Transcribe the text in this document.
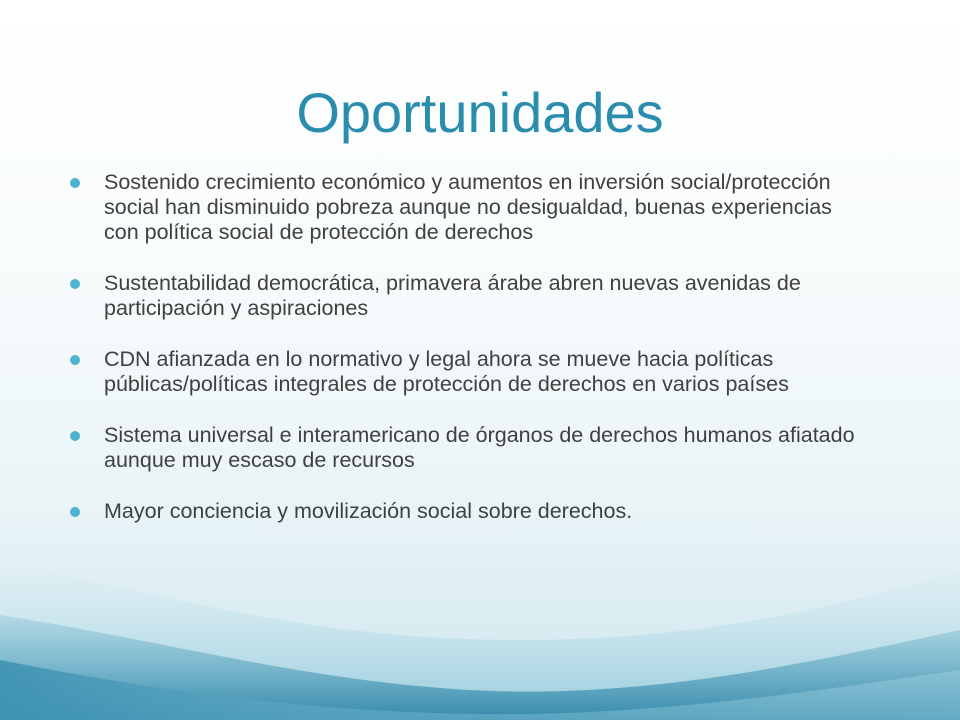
Oportunidades
Sostenido crecimiento económico y aumentos en inversión social/protección social han disminuido pobreza aunque no desigualdad, buenas experiencias con política social de protección de derechos
Sustentabilidad democrática, primavera árabe abren nuevas avenidas de participación y aspiraciones
CDN afianzada en lo normativo y legal ahora se mueve hacia políticas públicas/políticas integrales de protección de derechos en varios países
Sistema universal e interamericano de órganos de derechos humanos afiatado aunque muy escaso de recursos
Mayor conciencia y movilización social sobre derechos.
